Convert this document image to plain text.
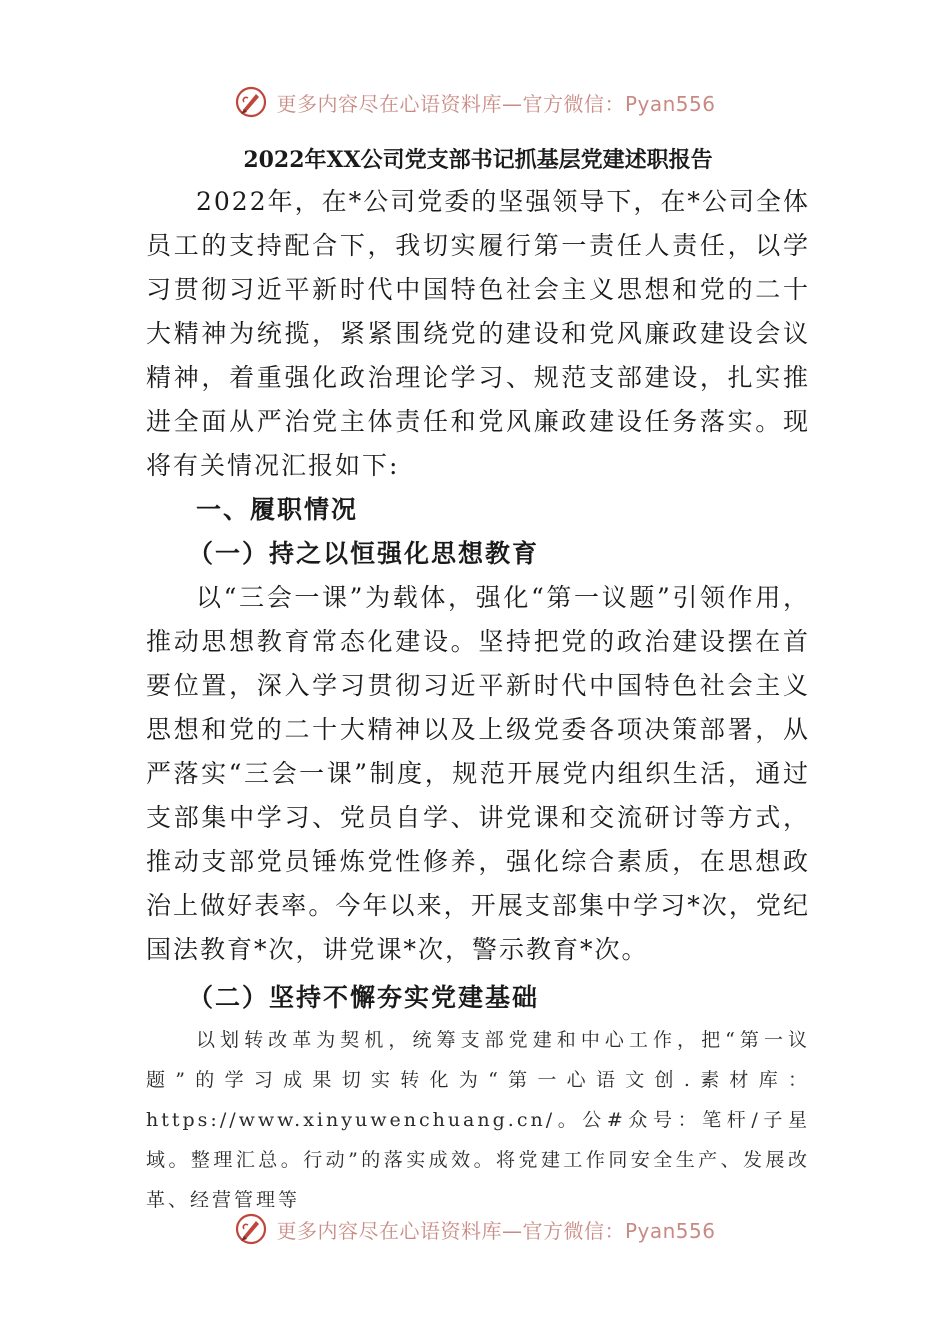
更多内容尽在心语资料库—官方微信：Pyan556
2022年XX公司党支部书记抓基层党建述职报告

2022年，在*公司党委的坚强领导下，在*公司全体员工的支持配合下，我切实履行第一责任人责任，以学习贯彻习近平新时代中国特色社会主义思想和党的二十大精神为统揽，紧紧围绕党的建设和党风廉政建设会议精神，着重强化政治理论学习、规范支部建设，扎实推进全面从严治党主体责任和党风廉政建设任务落实。现将有关情况汇报如下:

一、履职情况

（一）持之以恒强化思想教育

以“三会一课”为载体，强化“第一议题”引领作用，推动思想教育常态化建设。坚持把党的政治建设摆在首要位置，深入学习贯彻习近平新时代中国特色社会主义思想和党的二十大精神以及上级党委各项决策部署，从严落实“三会一课”制度，规范开展党内组织生活，通过支部集中学习、党员自学、讲党课和交流研讨等方式，推动支部党员锤炼党性修养，强化综合素质，在思想政治上做好表率。今年以来，开展支部集中学习*次，党纪国法教育*次，讲党课*次，警示教育*次。

（二）坚持不懈夯实党建基础

以划转改革为契机，统筹支部党建和中心工作，把“第一议题”的学习成果切实转化为“第一心语文创.素材库：https://www.xinyuwenchuang.cn/。公#众号：笔杆/子星域。整理汇总。行动”的落实成效。将党建工作同安全生产、发展改革、经营管理等

更多内容尽在心语资料库—官方微信：Pyan556
